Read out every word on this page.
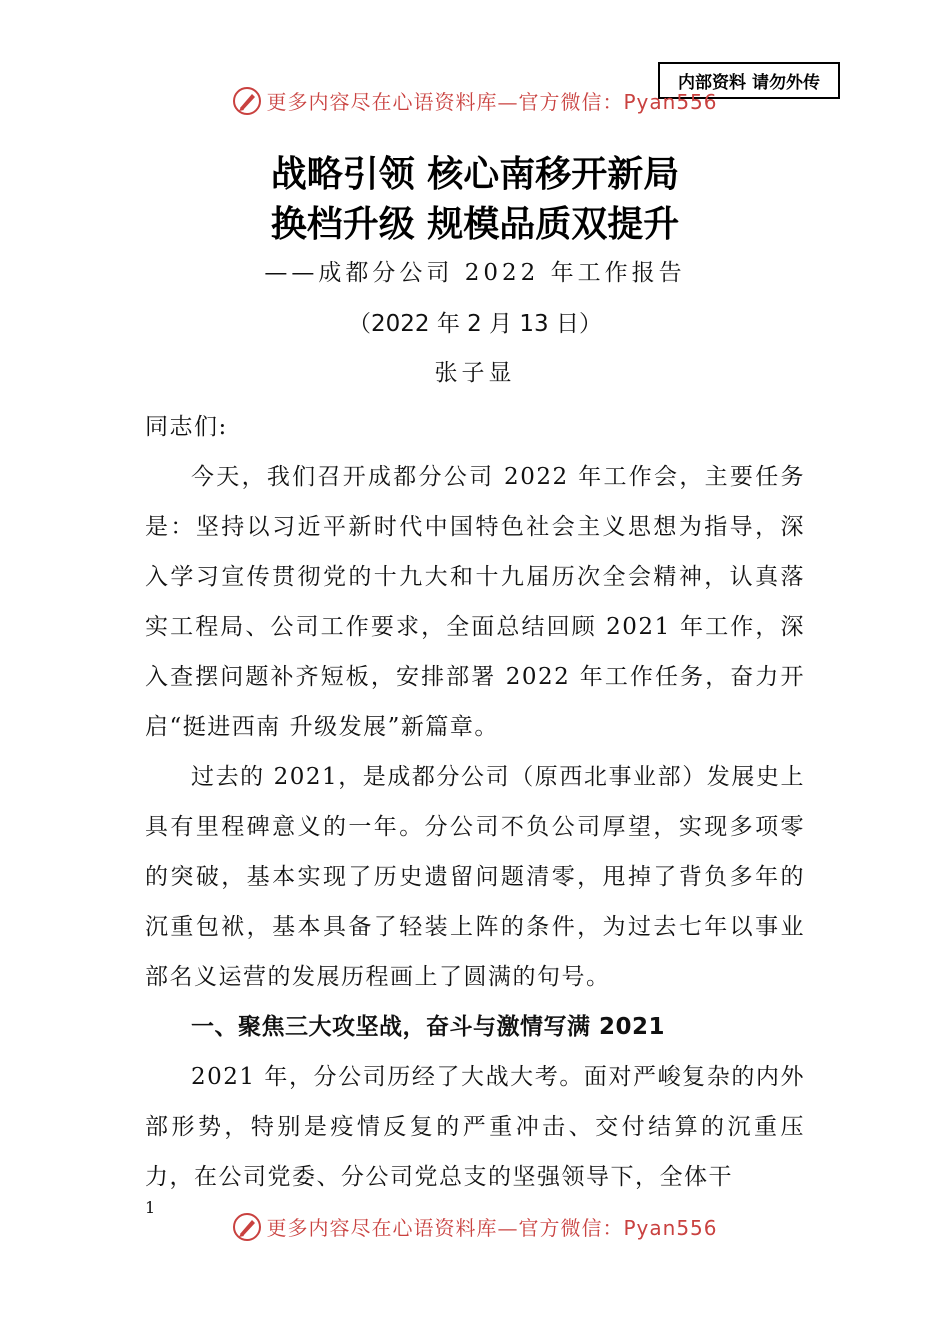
内部资料 请勿外传
更多内容尽在心语资料库—官方微信：Pyan556
战略引领 核心南移开新局
换档升级 规模品质双提升
——成都分公司 2022 年工作报告
（2022 年 2 月 13 日）
张子显

同志们:

今天，我们召开成都分公司 2022 年工作会，主要任务是：坚持以习近平新时代中国特色社会主义思想为指导，深入学习宣传贯彻党的十九大和十九届历次全会精神，认真落实工程局、公司工作要求，全面总结回顾 2021 年工作，深入查摆问题补齐短板，安排部署 2022 年工作任务，奋力开启“挺进西南 升级发展”新篇章。

过去的 2021，是成都分公司（原西北事业部）发展史上具有里程碑意义的一年。分公司不负公司厚望，实现多项零的突破，基本实现了历史遗留问题清零，甩掉了背负多年的沉重包袱，基本具备了轻装上阵的条件，为过去七年以事业部名义运营的发展历程画上了圆满的句号。

一、聚焦三大攻坚战，奋斗与激情写满 2021

2021 年，分公司历经了大战大考。面对严峻复杂的内外部形势，特别是疫情反复的严重冲击、交付结算的沉重压力，在公司党委、分公司党总支的坚强领导下，全体干

1
更多内容尽在心语资料库—官方微信：Pyan556
